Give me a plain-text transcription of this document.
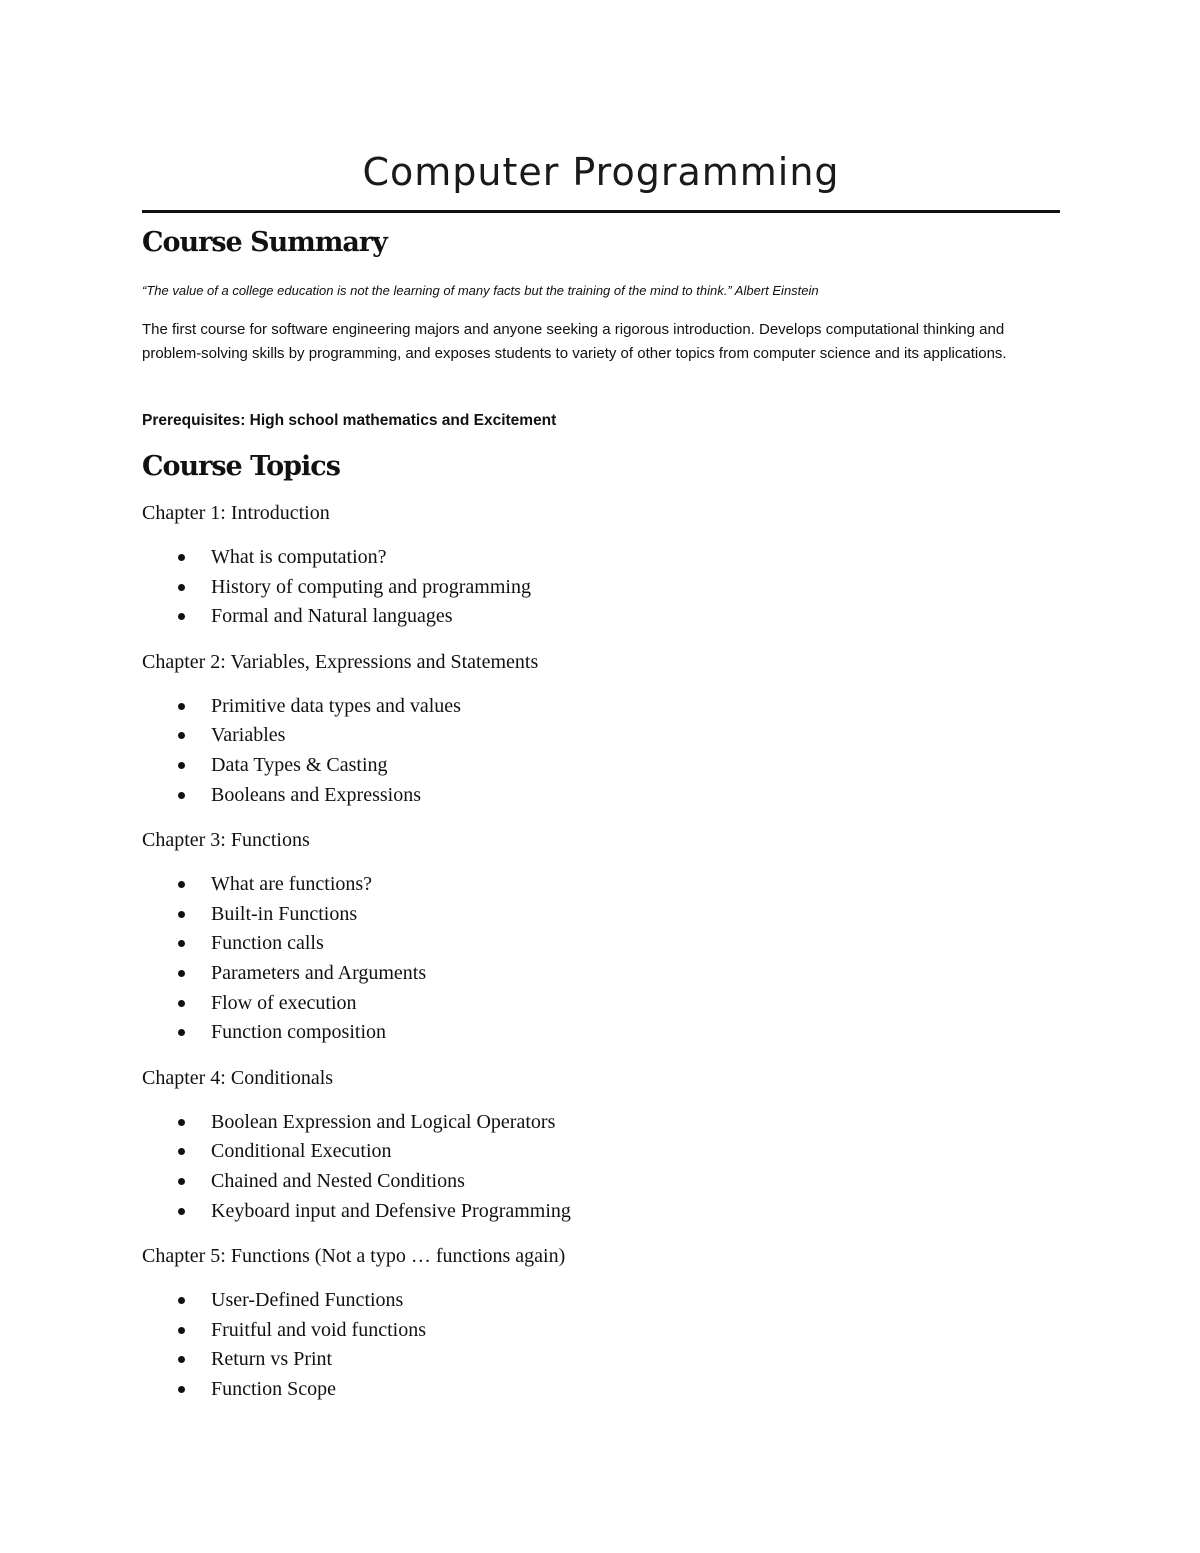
Computer Programming
Course Summary
“The value of a college education is not the learning of many facts but the training of the mind to think.” Albert Einstein
The first course for software engineering majors and anyone seeking a rigorous introduction. Develops computational thinking and problem-solving skills by programming, and exposes students to variety of other topics from computer science and its applications.
Prerequisites: High school mathematics and Excitement
Course Topics
Chapter 1: Introduction
What is computation?
History of computing and programming
Formal and Natural languages
Chapter 2: Variables, Expressions and Statements
Primitive data types and values
Variables
Data Types & Casting
Booleans and Expressions
Chapter 3: Functions
What are functions?
Built-in Functions
Function calls
Parameters and Arguments
Flow of execution
Function composition
Chapter 4: Conditionals
Boolean Expression and Logical Operators
Conditional Execution
Chained and Nested Conditions
Keyboard input and Defensive Programming
Chapter 5: Functions (Not a typo … functions again)
User-Defined Functions
Fruitful and void functions
Return vs Print
Function Scope
